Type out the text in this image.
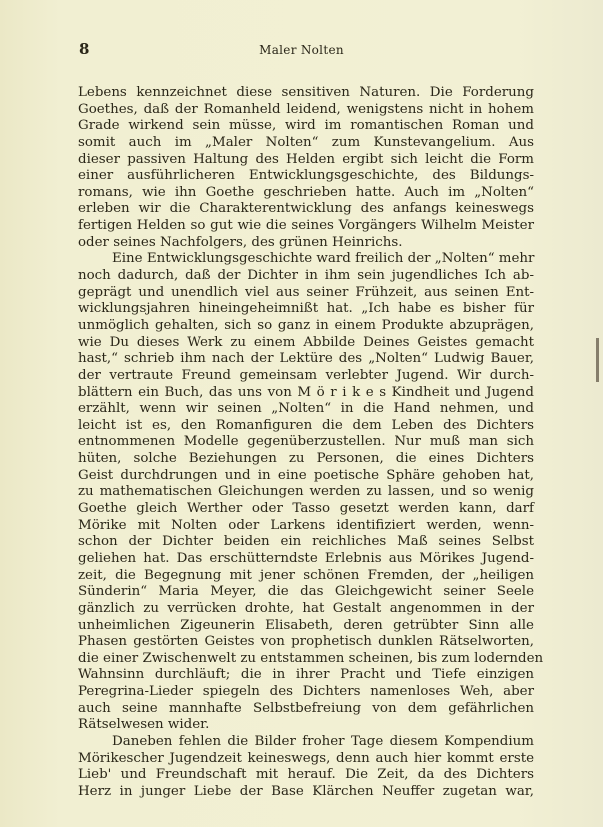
8	Maler Nolten
Lebens kennzeichnet diese sensitiven Naturen. Die Forderung
Goethes, daß der Romanheld leidend, wenigstens nicht in hohem
Grade wirkend sein müsse, wird im romantischen Roman und
somit auch im „Maler Nolten“ zum Kunstevangelium. Aus
dieser passiven Haltung des Helden ergibt sich leicht die Form
einer ausführlicheren Entwicklungsgeschichte, des Bildungs-
romans, wie ihn Goethe geschrieben hatte. Auch im „Nolten“
erleben wir die Charakterentwicklung des anfangs keineswegs
fertigen Helden so gut wie die seines Vorgängers Wilhelm Meister
oder seines Nachfolgers, des grünen Heinrichs.
Eine Entwicklungsgeschichte ward freilich der „Nolten“ mehr
noch dadurch, daß der Dichter in ihm sein jugendliches Ich ab-
geprägt und unendlich viel aus seiner Frühzeit, aus seinen Ent-
wicklungsjahren hineingeheimnißt hat. „Ich habe es bisher für
unmöglich gehalten, sich so ganz in einem Produkte abzuprägen,
wie Du dieses Werk zu einem Abbilde Deines Geistes gemacht
hast,“ schrieb ihm nach der Lektüre des „Nolten“ Ludwig Bauer,
der vertraute Freund gemeinsam verlebter Jugend. Wir durch-
blättern ein Buch, das uns von M ö r i k e s Kindheit und Jugend
erzählt, wenn wir seinen „Nolten“ in die Hand nehmen, und
leicht ist es, den Romanfiguren die dem Leben des Dichters
entnommenen Modelle gegenüberzustellen. Nur muß man sich
hüten, solche Beziehungen zu Personen, die eines Dichters
Geist durchdrungen und in eine poetische Sphäre gehoben hat,
zu mathematischen Gleichungen werden zu lassen, und so wenig
Goethe gleich Werther oder Tasso gesetzt werden kann, darf
Mörike mit Nolten oder Larkens identifiziert werden, wenn-
schon der Dichter beiden ein reichliches Maß seines Selbst
geliehen hat. Das erschütterndste Erlebnis aus Mörikes Jugend-
zeit, die Begegnung mit jener schönen Fremden, der „heiligen
Sünderin“ Maria Meyer, die das Gleichgewicht seiner Seele
gänzlich zu verrücken drohte, hat Gestalt angenommen in der
unheimlichen Zigeunerin Elisabeth, deren getrübter Sinn alle
Phasen gestörten Geistes von prophetisch dunklen Rätselworten,
die einer Zwischenwelt zu entstammen scheinen, bis zum lodernden
Wahnsinn durchläuft; die in ihrer Pracht und Tiefe einzigen
Peregrina-Lieder spiegeln des Dichters namenloses Weh, aber
auch seine mannhafte Selbstbefreiung von dem gefährlichen
Rätselwesen wider.
Daneben fehlen die Bilder froher Tage diesem Kompendium
Mörikescher Jugendzeit keineswegs, denn auch hier kommt erste
Lieb' und Freundschaft mit herauf. Die Zeit, da des Dichters
Herz in junger Liebe der Base Klärchen Neuffer zugetan war,
